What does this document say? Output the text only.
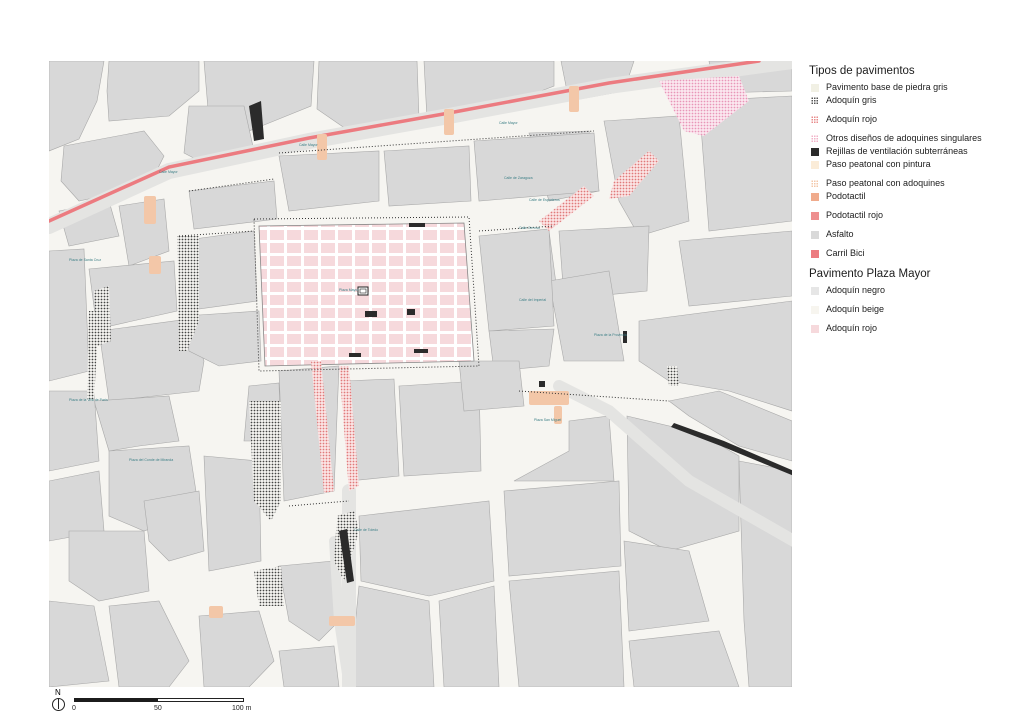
Calle Mayor
Calle Mayor
Calle Mayor
Calle de Toledo
Calle Gerona
Calle del Imperial
Calle de Zaragoza
Calle de Esparteros
Plaza Mayor
Plaza de la Provincia
Plaza de Santa Cruz
Plaza del Conde de Miranda
Plaza de la Villa de París
Plaza San Miguel
Tipos de pavimentos
Pavimento base de piedra gris
Adoquín gris
Adoquín rojo
Otros diseños de adoquines singulares
Rejillas de ventilación subterráneas
Paso peatonal con pintura
Paso peatonal con adoquines
Podotactil
Podotactil rojo
Asfalto
Carril Bici
Pavimento Plaza Mayor
Adoquín negro
Adoquín beige
Adoquín rojo
N
0	50	100 m
